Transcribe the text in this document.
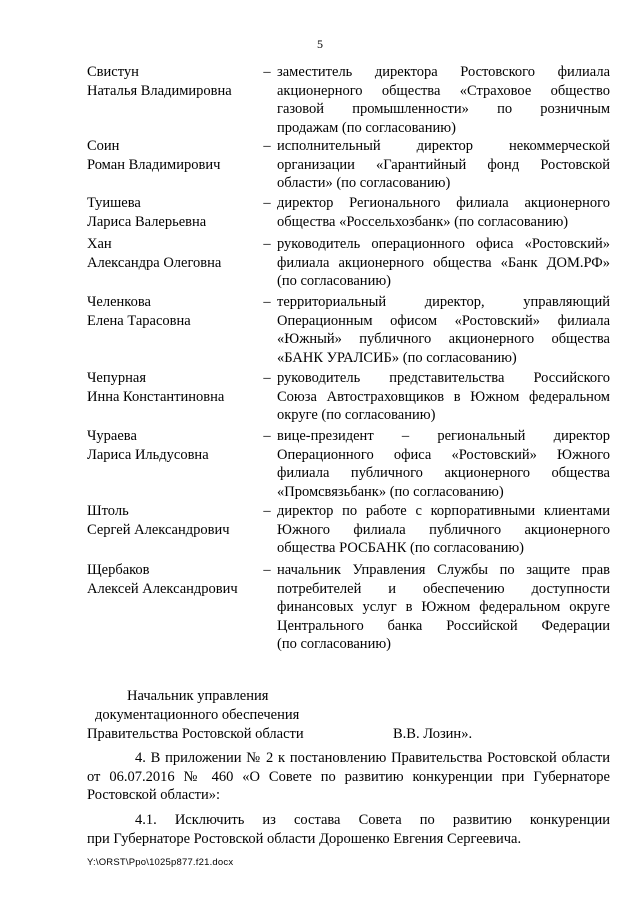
5
Свистун
Наталья Владимировна
– заместитель директора Ростовского филиала
акционерного общества «Страховое общество
газовой промышленности» по розничным
продажам (по согласованию)
Соин
Роман Владимирович
– исполнительный директор некоммерческой
организации «Гарантийный фонд Ростовской
области» (по согласованию)
Туишева
Лариса Валерьевна
– директор Регионального филиала акционерного
общества «Россельхозбанк» (по согласованию)
Хан
Александра Олеговна
– руководитель операционного офиса «Ростовский»
филиала акционерного общества «Банк ДОМ.РФ»
(по согласованию)
Челенкова
Елена Тарасовна
– территориальный директор, управляющий
Операционным офисом «Ростовский» филиала
«Южный» публичного акционерного общества
«БАНК УРАЛСИБ» (по согласованию)
Чепурная
Инна Константиновна
– руководитель представительства Российского
Союза Автостраховщиков в Южном федеральном
округе (по согласованию)
Чураева
Лариса Ильдусовна
– вице-президент – региональный директор
Операционного офиса «Ростовский» Южного
филиала публичного акционерного общества
«Промсвязьбанк» (по согласованию)
Штоль
Сергей Александрович
– директор по работе с корпоративными клиентами
Южного филиала публичного акционерного
общества РОСБАНК (по согласованию)
Щербаков
Алексей Александрович
– начальник Управления Службы по защите прав
потребителей и обеспечению доступности
финансовых услуг в Южном федеральном округе
Центрального банка Российской Федерации
(по согласованию)
Начальник управления
документационного обеспечения
Правительства Ростовской области	В.В. Лозин».
4. В приложении № 2 к постановлению Правительства Ростовской области
от 06.07.2016 № 460 «О Совете по развитию конкуренции при Губернаторе
Ростовской области»:
4.1. Исключить из состава Совета по развитию конкуренции
при Губернаторе Ростовской области Дорошенко Евгения Сергеевича.
Y:\ORST\Ppo\1025p877.f21.docx
